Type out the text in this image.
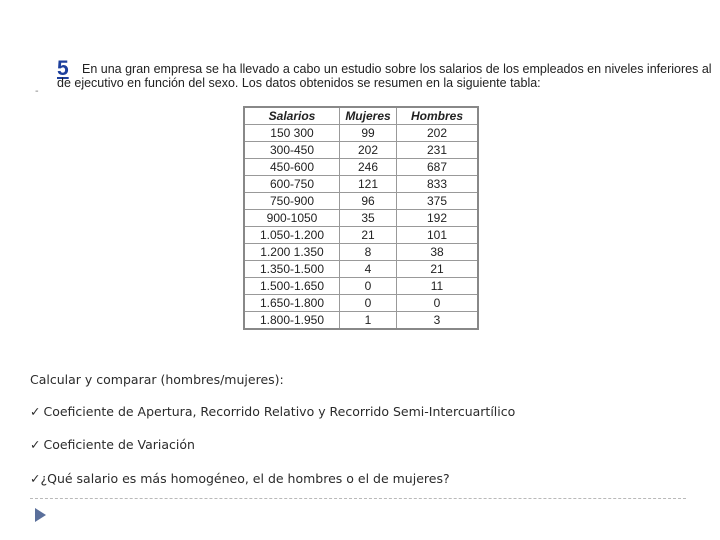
5	En una gran empresa se ha llevado a cabo un estudio sobre los salarios de los empleados en niveles inferiores al
de ejecutivo en función del sexo. Los datos obtenidos se resumen en la siguiente tabla:
-
Salarios	Mujeres	Hombres
150 300	99	202
300-450	202	231
450-600	246	687
600-750	121	833
750-900	96	375
900-1050	35	192
1.050-1.200	21	101
1.200 1.350	8	38
1.350-1.500	4	21
1.500-1.650	0	11
1.650-1.800	0	0
1.800-1.950	1	3
Calcular y comparar (hombres/mujeres):
✓ Coeficiente de Apertura, Recorrido Relativo y Recorrido Semi-Intercuartílico
✓ Coeficiente de Variación
✓¿Qué salario es más homogéneo, el de hombres o el de mujeres?
